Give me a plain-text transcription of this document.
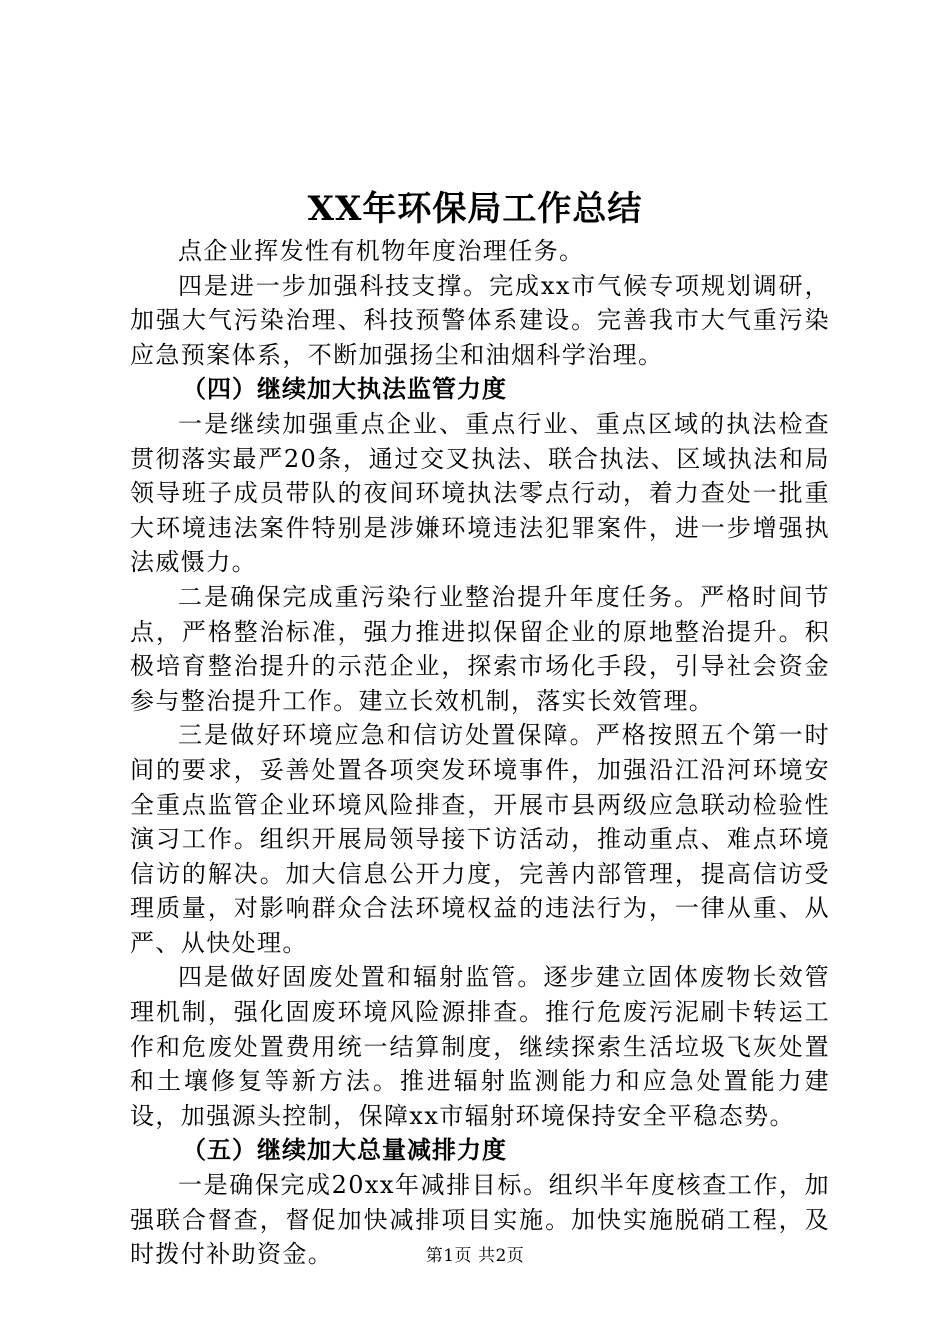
XX年环保局工作总结

点企业挥发性有机物年度治理任务。

四是进一步加强科技支撑。完成xx市气候专项规划调研，加强大气污染治理、科技预警体系建设。完善我市大气重污染应急预案体系，不断加强扬尘和油烟科学治理。

（四）继续加大执法监管力度

一是继续加强重点企业、重点行业、重点区域的执法检查贯彻落实最严20条，通过交叉执法、联合执法、区域执法和局领导班子成员带队的夜间环境执法零点行动，着力查处一批重大环境违法案件特别是涉嫌环境违法犯罪案件，进一步增强执法威慑力。

二是确保完成重污染行业整治提升年度任务。严格时间节点，严格整治标准，强力推进拟保留企业的原地整治提升。积极培育整治提升的示范企业，探索市场化手段，引导社会资金参与整治提升工作。建立长效机制，落实长效管理。

三是做好环境应急和信访处置保障。严格按照五个第一时间的要求，妥善处置各项突发环境事件，加强沿江沿河环境安全重点监管企业环境风险排查，开展市县两级应急联动检验性演习工作。组织开展局领导接下访活动，推动重点、难点环境信访的解决。加大信息公开力度，完善内部管理，提高信访受理质量，对影响群众合法环境权益的违法行为，一律从重、从严、从快处理。

四是做好固废处置和辐射监管。逐步建立固体废物长效管理机制，强化固废环境风险源排查。推行危废污泥刷卡转运工作和危废处置费用统一结算制度，继续探索生活垃圾飞灰处置和土壤修复等新方法。推进辐射监测能力和应急处置能力建设，加强源头控制，保障xx市辐射环境保持安全平稳态势。

（五）继续加大总量减排力度

一是确保完成20xx年减排目标。组织半年度核查工作，加强联合督查，督促加快减排项目实施。加快实施脱硝工程，及时拨付补助资金。	第1页 共2页
